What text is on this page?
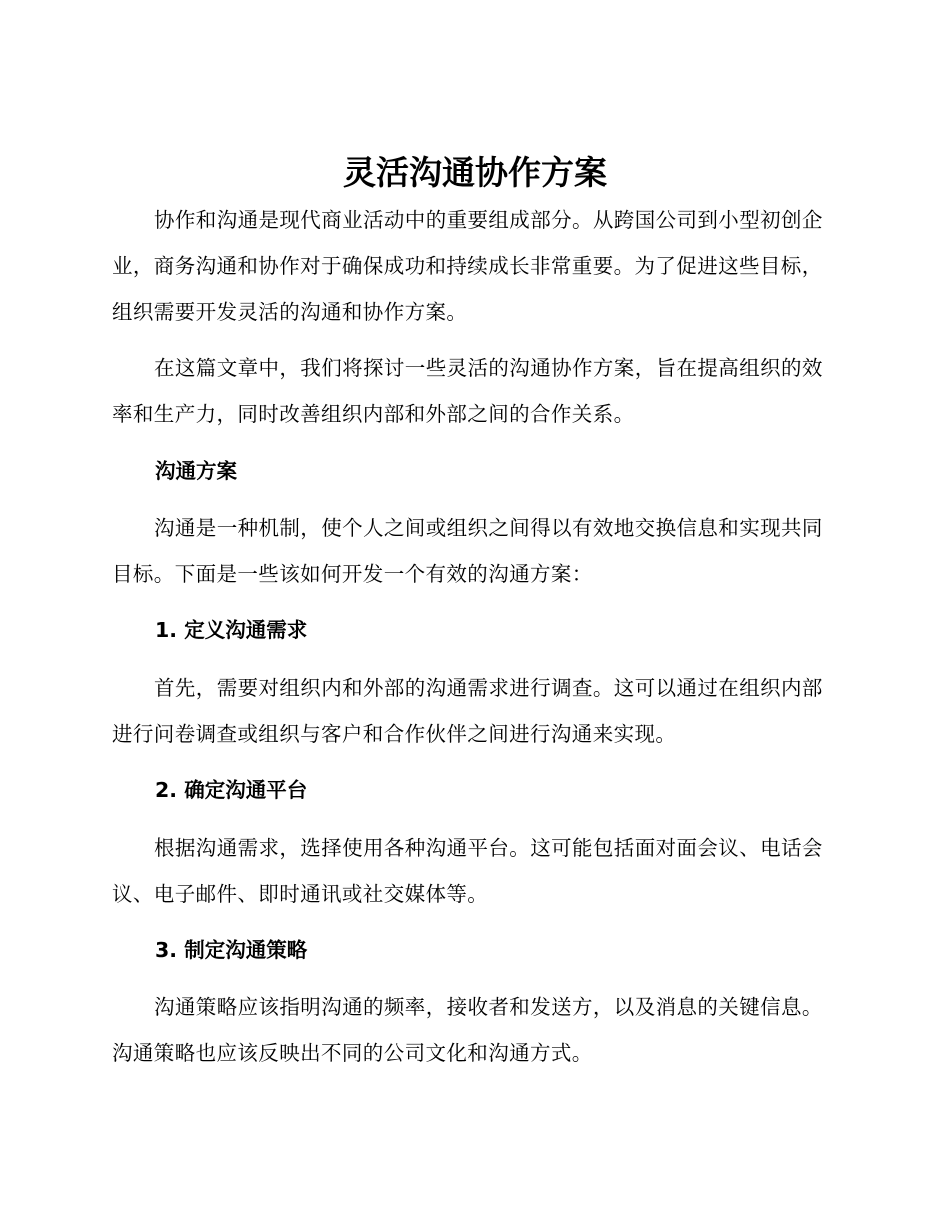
灵活沟通协作方案

协作和沟通是现代商业活动中的重要组成部分。从跨国公司到小型初创企业，商务沟通和协作对于确保成功和持续成长非常重要。为了促进这些目标，组织需要开发灵活的沟通和协作方案。

在这篇文章中，我们将探讨一些灵活的沟通协作方案，旨在提高组织的效率和生产力，同时改善组织内部和外部之间的合作关系。

沟通方案

沟通是一种机制，使个人之间或组织之间得以有效地交换信息和实现共同目标。下面是一些该如何开发一个有效的沟通方案：

1. 定义沟通需求

首先，需要对组织内和外部的沟通需求进行调查。这可以通过在组织内部进行问卷调查或组织与客户和合作伙伴之间进行沟通来实现。

2. 确定沟通平台

根据沟通需求，选择使用各种沟通平台。这可能包括面对面会议、电话会议、电子邮件、即时通讯或社交媒体等。

3. 制定沟通策略

沟通策略应该指明沟通的频率，接收者和发送方，以及消息的关键信息。沟通策略也应该反映出不同的公司文化和沟通方式。
